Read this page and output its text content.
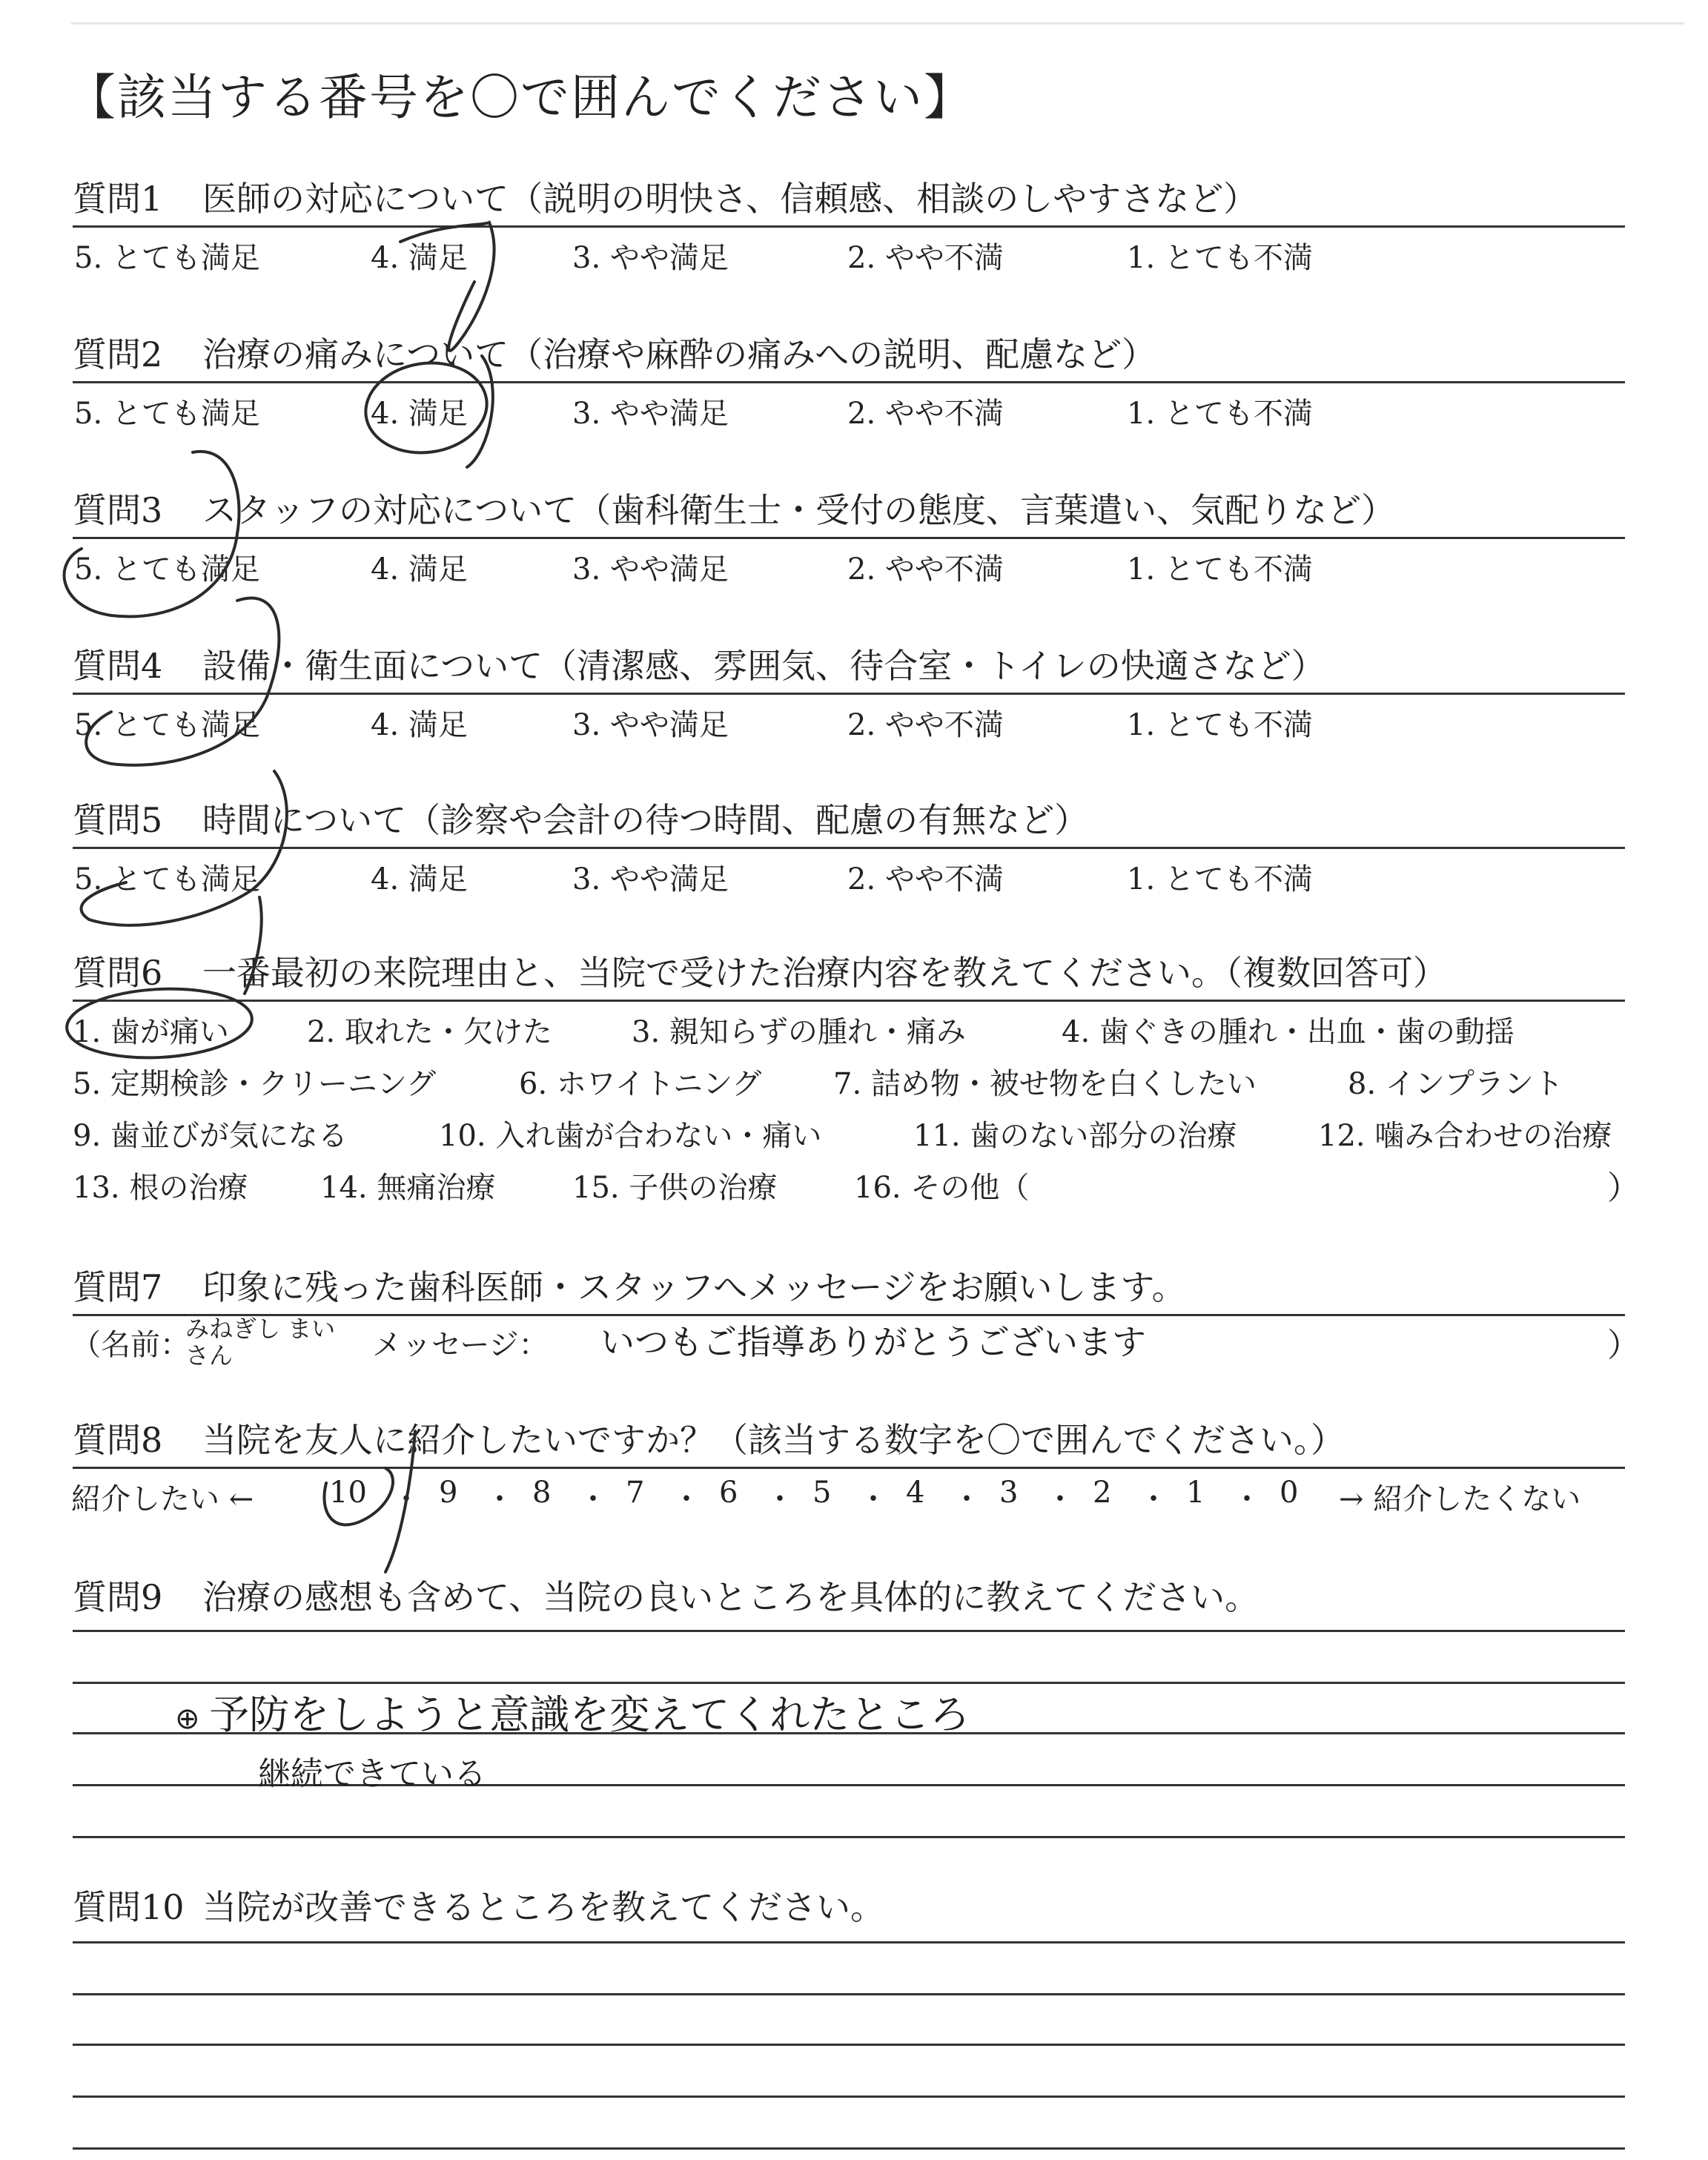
【該当する番号を〇で囲んでください】
質問1 医師の対応について（説明の明快さ、信頼感、相談のしやすさなど）
5. とても満足	4. 満足	3. やや満足	2. やや不満	1. とても不満
質問2 治療の痛みについて（治療や麻酔の痛みへの説明、配慮など）
5. とても満足	4. 満足	3. やや満足	2. やや不満	1. とても不満
質問3 スタッフの対応について（歯科衛生士・受付の態度、言葉遣い、気配りなど）
5. とても満足	4. 満足	3. やや満足	2. やや不満	1. とても不満
質問4 設備・衛生面について（清潔感、雰囲気、待合室・トイレの快適さなど）
5. とても満足	4. 満足	3. やや満足	2. やや不満	1. とても不満
質問5 時間について（診察や会計の待つ時間、配慮の有無など）
5. とても満足	4. 満足	3. やや満足	2. やや不満	1. とても不満
質問6 一番最初の来院理由と、当院で受けた治療内容を教えてください。（複数回答可）
1. 歯が痛い	2. 取れた・欠けた	3. 親知らずの腫れ・痛み	4. 歯ぐきの腫れ・出血・歯の動揺
5. 定期検診・クリーニング	6. ホワイトニング 7. 詰め物・被せ物を白くしたい	8. インプラント
9. 歯並びが気になる	10. 入れ歯が合わない・痛い	11. 歯のない部分の治療	12. 噛み合わせの治療
13. 根の治療 14. 無痛治療	15. 子供の治療	16. その他（	）
質問7 印象に残った歯科医師・スタッフへメッセージをお願いします。
（名前：
みねぎし まいさん	メッセージ： いつもご指導ありがとうございます	）
質問8 当院を友人に紹介したいですか？（該当する数字を〇で囲んでください。）
紹介したい ←	10 ・ 9 ・ 8 ・ 7 ・ 6 ・ 5 ・ 4 ・ 3 ・ 2 ・ 1 ・ 0 → 紹介したくない
質問9 治療の感想も含めて、当院の良いところを具体的に教えてください。
⊕ 予防をしようと意識を変えてくれたところ
継続できている
質問10 当院が改善できるところを教えてください。
